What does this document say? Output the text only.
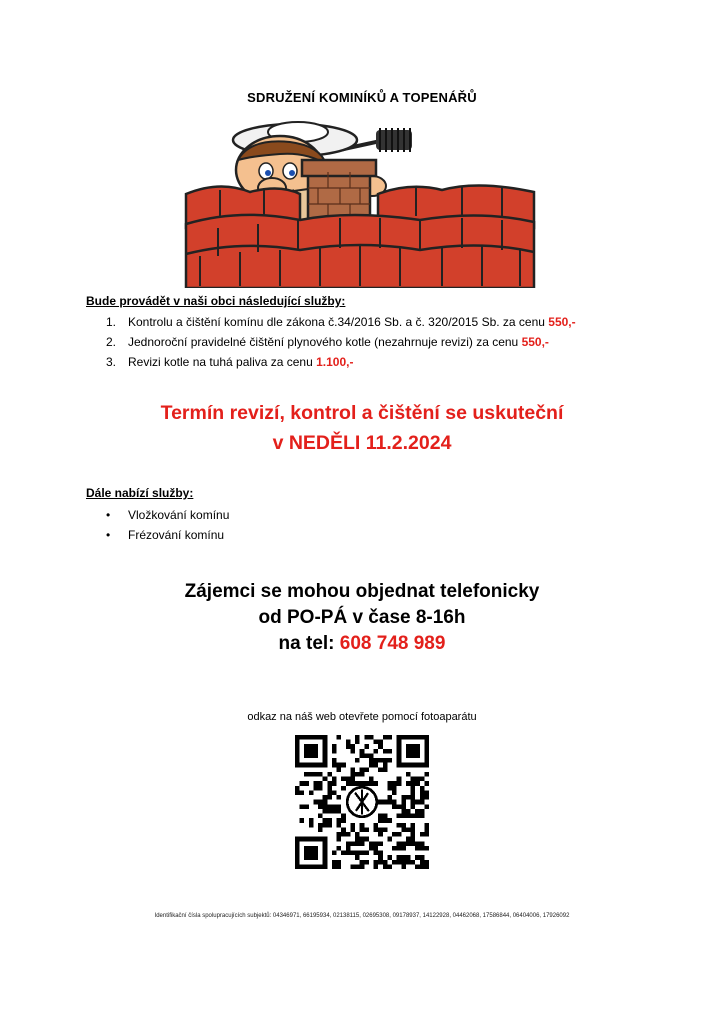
SDRUŽENÍ KOMINÍKŮ A TOPENÁŘŮ
Bude provádět v naši obci následující služby:
1. Kontrolu a čištění komínu dle zákona č.34/2016 Sb. a č. 320/2015 Sb. za cenu 550,-
2. Jednoroční pravidelné čištění plynového kotle (nezahrnuje revizi) za cenu 550,-
3. Revizi kotle na tuhá paliva za cenu 1.100,-
Termín revizí, kontrol a čištění se uskuteční
v NEDĚLI 11.2.2024
Dále nabízí služby:
•	Vložkování komínu
•	Frézování komínu
Zájemci se mohou objednat telefonicky
od PO-PÁ v čase 8-16h
na tel: 608 748 989
odkaz na náš web otevřete pomocí fotoaparátu
Identifikační čísla spolupracujících subjektů: 04346971, 66195934, 02138115, 02695308, 09178937, 14122928, 04462068, 17586844, 06404006, 17926092
